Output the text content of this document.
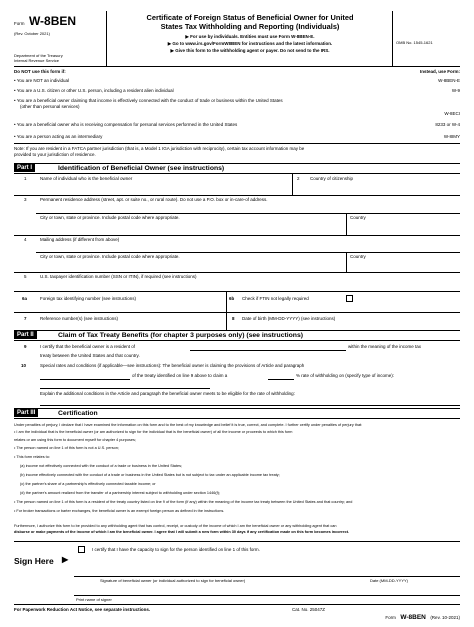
Form W-8BEN
(Rev. October 2021)
Department of the Treasury
Internal Revenue Service
Certificate of Foreign Status of Beneficial Owner for United
States Tax Withholding and Reporting (Individuals)
▶ For use by individuals. Entities must use Form W-8BEN-E.
▶ Go to www.irs.gov/FormW8BEN for instructions and the latest information.
▶ Give this form to the withholding agent or payer. Do not send to the IRS.
OMB No. 1545-1621
Do NOT use this form if:	Instead, use Form:
• You are NOT an individual	W-8BEN-E
• You are a U.S. citizen or other U.S. person, including a resident alien individual	W-9
• You are a beneficial owner claiming that income is effectively connected with the conduct of trade or business within the United States
(other than personal services)
W-8ECI
• You are a beneficial owner who is receiving compensation for personal services performed in the United States	8233 or W-4
• You are a person acting as an intermediary	W-8IMY
Note: If you are resident in a FATCA partner jurisdiction (that is, a Model 1 IGA jurisdiction with reciprocity), certain tax account information may be
provided to your jurisdiction of residence.
Part I	Identification of Beneficial Owner (see instructions)
1	Name of individual who is the beneficial owner	2 Country of citizenship
3	Permanent residence address (street, apt. or suite no., or rural route). Do not use a P.O. box or in-care-of address.
City or town, state or province. Include postal code where appropriate.	Country
4	Mailing address (if different from above)
City or town, state or province. Include postal code where appropriate.	Country
5	U.S. taxpayer identification number (SSN or ITIN), if required (see instructions)
6a	Foreign tax identifying number (see instructions)	6b Check if FTIN not legally required
7	Reference number(s) (see instructions)	8 Date of birth (MM-DD-YYYY) (see instructions)
Part II	Claim of Tax Treaty Benefits (for chapter 3 purposes only) (see instructions)
9	I certify that the beneficial owner is a resident of	within the meaning of the income tax
treaty between the United States and that country.
10	Special rates and conditions (if applicable—see instructions): The beneficial owner is claiming the provisions of Article and paragraph
of the treaty identified on line 9 above to claim a	% rate of withholding on (specify type of income):
Explain the additional conditions in the Article and paragraph the beneficial owner meets to be eligible for the rate of withholding:
Part III	Certification
Under penalties of perjury, I declare that I have examined the information on this form and to the best of my knowledge and belief it is true, correct, and complete. I further certify under penalties of perjury that:
• I am the individual that is the beneficial owner (or am authorized to sign for the individual that is the beneficial owner) of all the income or proceeds to which this form
relates or am using this form to document myself for chapter 4 purposes;
• The person named on line 1 of this form is not a U.S. person;
• This form relates to:
(a) income not effectively connected with the conduct of a trade or business in the United States;
(b) income effectively connected with the conduct of a trade or business in the United States but is not subject to tax under an applicable income tax treaty;
(c) the partner's share of a partnership's effectively connected taxable income; or
(d) the partner's amount realized from the transfer of a partnership interest subject to withholding under section 1446(f);
• The person named on line 1 of this form is a resident of the treaty country listed on line 9 of the form (if any) within the meaning of the income tax treaty between the United States and that country; and
• For broker transactions or barter exchanges, the beneficial owner is an exempt foreign person as defined in the instructions.
Furthermore, I authorize this form to be provided to any withholding agent that has control, receipt, or custody of the income of which I am the beneficial owner or any withholding agent that can
disburse or make payments of the income of which I am the beneficial owner. I agree that I will submit a new form within 30 days if any certification made on this form becomes incorrect.
Sign Here ▶
I certify that I have the capacity to sign for the person identified on line 1 of this form.
Signature of beneficial owner (or individual authorized to sign for beneficial owner)	Date (MM-DD-YYYY)
Print name of signer
For Paperwork Reduction Act Notice, see separate instructions.	Cat. No. 25047Z
Form W-8BEN (Rev. 10-2021)
